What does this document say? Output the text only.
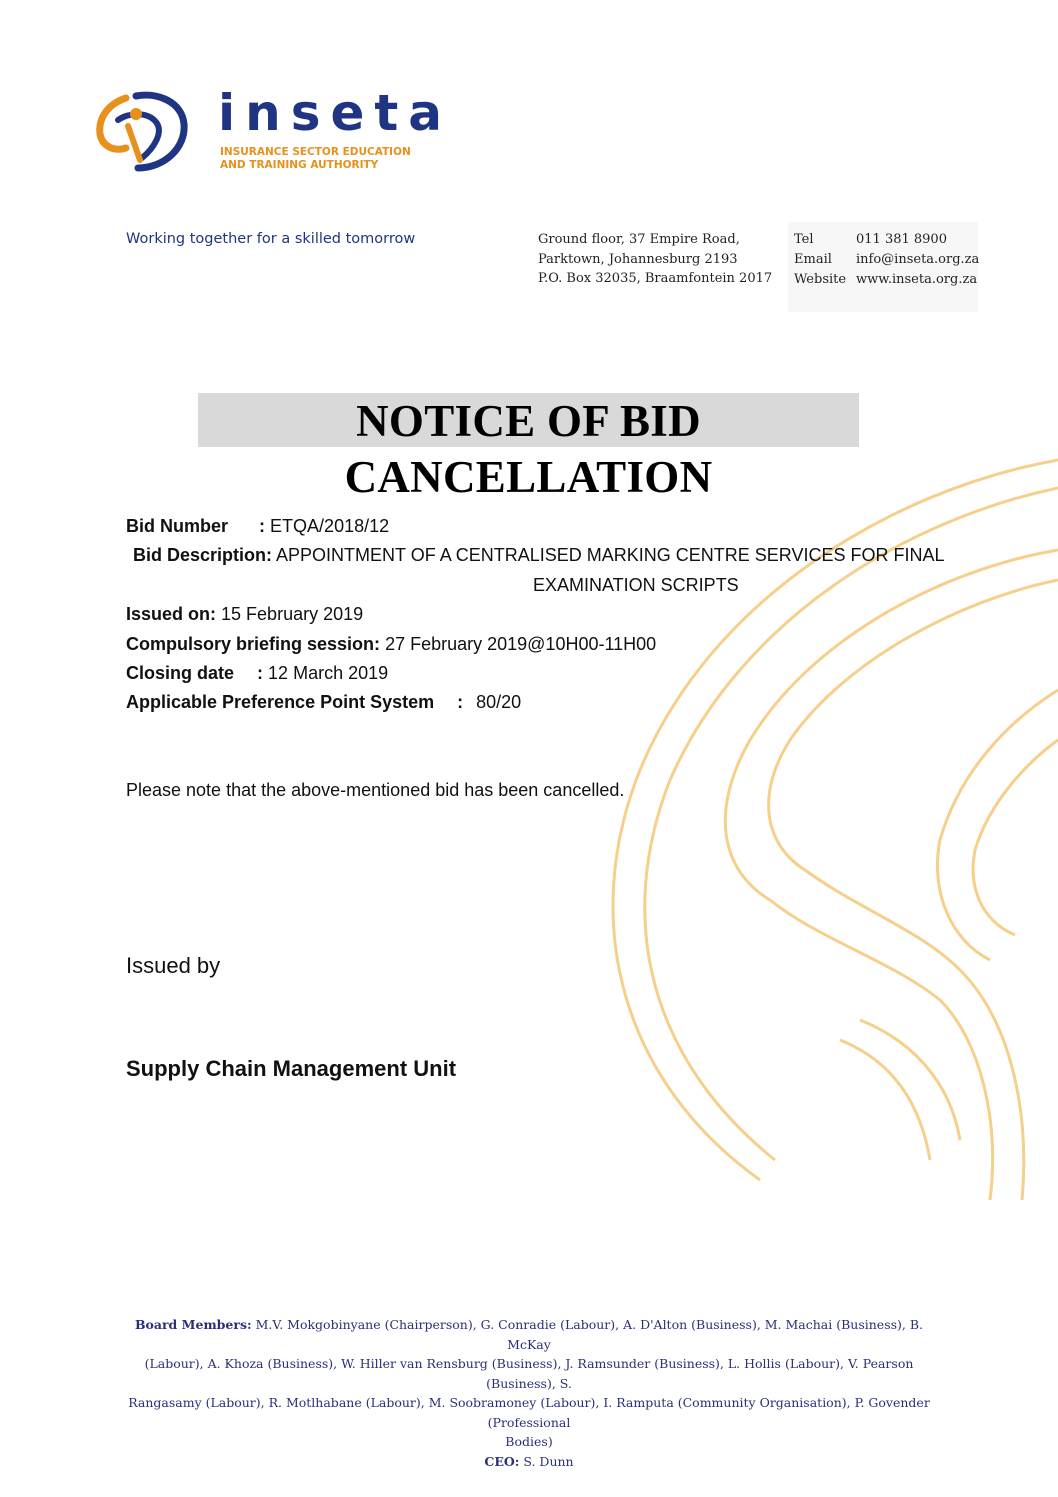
inseta
INSURANCE SECTOR EDUCATION
AND TRAINING AUTHORITY
Working together for a skilled tomorrow	Ground floor, 37 Empire Road,
Parktown, Johannesburg 2193
P.O. Box 32035, Braamfontein 2017
Tel	011 381 8900
Email info@inseta.org.za
Website www.inseta.org.za
NOTICE OF BID CANCELLATION
Bid Number : ETQA/2018/12
Bid Description: APPOINTMENT OF A CENTRALISED MARKING CENTRE SERVICES FOR FINAL
EXAMINATION SCRIPTS
Issued on: 15 February 2019
Compulsory briefing session: 27 February 2019@10H00-11H00
Closing date : 12 March 2019
Applicable Preference Point System : 80/20
Please note that the above-mentioned bid has been cancelled.
Issued by
Supply Chain Management Unit
Board Members: M.V. Mokgobinyane (Chairperson), G. Conradie (Labour), A. D'Alton (Business), M. Machai (Business), B. McKay
(Labour), A. Khoza (Business), W. Hiller van Rensburg (Business), J. Ramsunder (Business), L. Hollis (Labour), V. Pearson (Business), S.
Rangasamy (Labour), R. Motlhabane (Labour), M. Soobramoney (Labour), I. Ramputa (Community Organisation), P. Govender (Professional
Bodies)
CEO: S. Dunn
